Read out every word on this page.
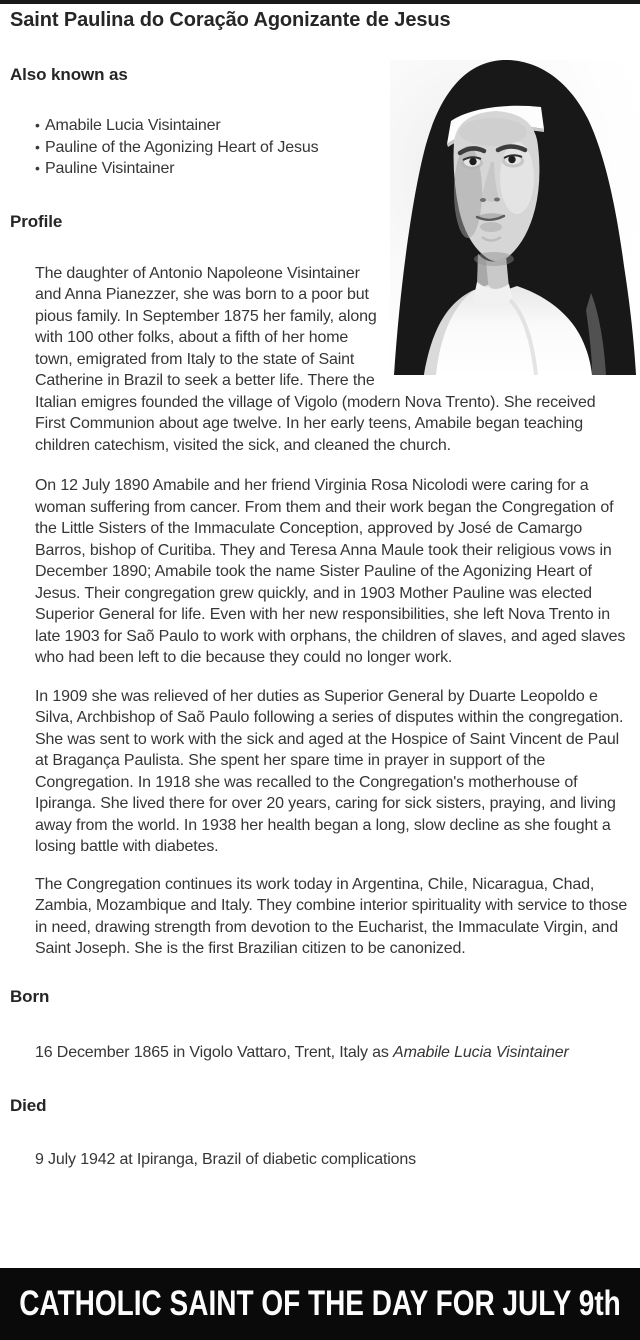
Saint Paulina do Coração Agonizante de Jesus
Also known as
• Amabile Lucia Visintainer
• Pauline of the Agonizing Heart of Jesus
• Pauline Visintainer
Profile

The daughter of Antonio Napoleone Visintainer and Anna Pianezzer, she was born to a poor but pious family. In September 1875 her family, along with 100 other folks, about a fifth of her home town, emigrated from Italy to the state of Saint Catherine in Brazil to seek a better life. There the Italian emigres founded the village of Vigolo (modern Nova Trento). She received First Communion about age twelve. In her early teens, Amabile began teaching children catechism, visited the sick, and cleaned the church.

On 12 July 1890 Amabile and her friend Virginia Rosa Nicolodi were caring for a woman suffering from cancer. From them and their work began the Congregation of the Little Sisters of the Immaculate Conception, approved by José de Camargo Barros, bishop of Curitiba. They and Teresa Anna Maule took their religious vows in December 1890; Amabile took the name Sister Pauline of the Agonizing Heart of Jesus. Their congregation grew quickly, and in 1903 Mother Pauline was elected Superior General for life. Even with her new responsibilities, she left Nova Trento in late 1903 for Saõ Paulo to work with orphans, the children of slaves, and aged slaves who had been left to die because they could no longer work.

In 1909 she was relieved of her duties as Superior General by Duarte Leopoldo e Silva, Archbishop of Saõ Paulo following a series of disputes within the congregation. She was sent to work with the sick and aged at the Hospice of Saint Vincent de Paul at Bragança Paulista. She spent her spare time in prayer in support of the Congregation. In 1918 she was recalled to the Congregation's motherhouse of Ipiranga. She lived there for over 20 years, caring for sick sisters, praying, and living away from the world. In 1938 her health began a long, slow decline as she fought a losing battle with diabetes.

The Congregation continues its work today in Argentina, Chile, Nicaragua, Chad, Zambia, Mozambique and Italy. They combine interior spirituality with service to those in need, drawing strength from devotion to the Eucharist, the Immaculate Virgin, and Saint Joseph. She is the first Brazilian citizen to be canonized.

Born

16 December 1865 in Vigolo Vattaro, Trent, Italy as Amabile Lucia Visintainer

Died

9 July 1942 at Ipiranga, Brazil of diabetic complications

CATHOLIC SAINT OF THE DAY FOR JULY 9th
